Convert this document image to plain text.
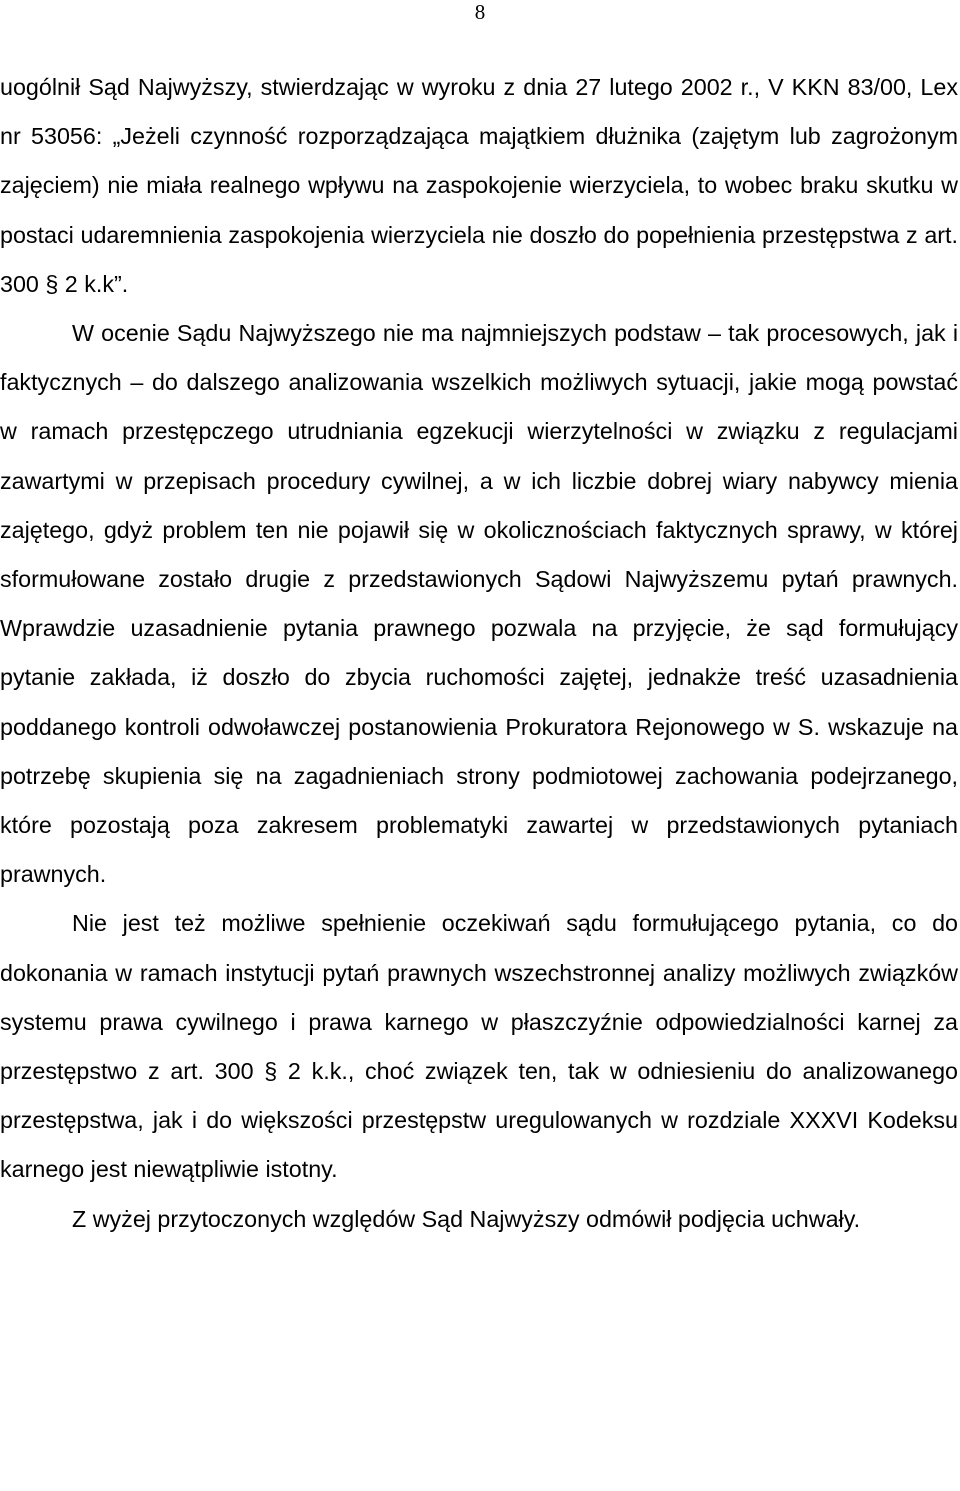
8

uogólnił Sąd Najwyższy, stwierdzając w wyroku z dnia 27 lutego 2002 r., V KKN 83/00, Lex nr 53056: „Jeżeli czynność rozporządzająca majątkiem dłużnika (zajętym lub zagrożonym zajęciem) nie miała realnego wpływu na zaspokojenie wierzyciela, to wobec braku skutku w postaci udaremnienia zaspokojenia wierzyciela nie doszło do popełnienia przestępstwa z art. 300 § 2 k.k”.

W ocenie Sądu Najwyższego nie ma najmniejszych podstaw – tak procesowych, jak i faktycznych – do dalszego analizowania wszelkich możliwych sytuacji, jakie mogą powstać w ramach przestępczego utrudniania egzekucji wierzytelności w związku z regulacjami zawartymi w przepisach procedury cywilnej, a w ich liczbie dobrej wiary nabywcy mienia zajętego, gdyż problem ten nie pojawił się w okolicznościach faktycznych sprawy, w której sformułowane zostało drugie z przedstawionych Sądowi Najwyższemu pytań prawnych. Wprawdzie uzasadnienie pytania prawnego pozwala na przyjęcie, że sąd formułujący pytanie zakłada, iż doszło do zbycia ruchomości zajętej, jednakże treść uzasadnienia poddanego kontroli odwoławczej postanowienia Prokuratora Rejonowego w S. wskazuje na potrzebę skupienia się na zagadnieniach strony podmiotowej zachowania podejrzanego, które pozostają poza zakresem problematyki zawartej w przedstawionych pytaniach prawnych.

Nie jest też możliwe spełnienie oczekiwań sądu formułującego pytania, co do dokonania w ramach instytucji pytań prawnych wszechstronnej analizy możliwych związków systemu prawa cywilnego i prawa karnego w płaszczyźnie odpowiedzialności karnej za przestępstwo z art. 300 § 2 k.k., choć związek ten, tak w odniesieniu do analizowanego przestępstwa, jak i do większości przestępstw uregulowanych w rozdziale XXXVI Kodeksu karnego jest niewątpliwie istotny.

Z wyżej przytoczonych względów Sąd Najwyższy odmówił podjęcia uchwały.
